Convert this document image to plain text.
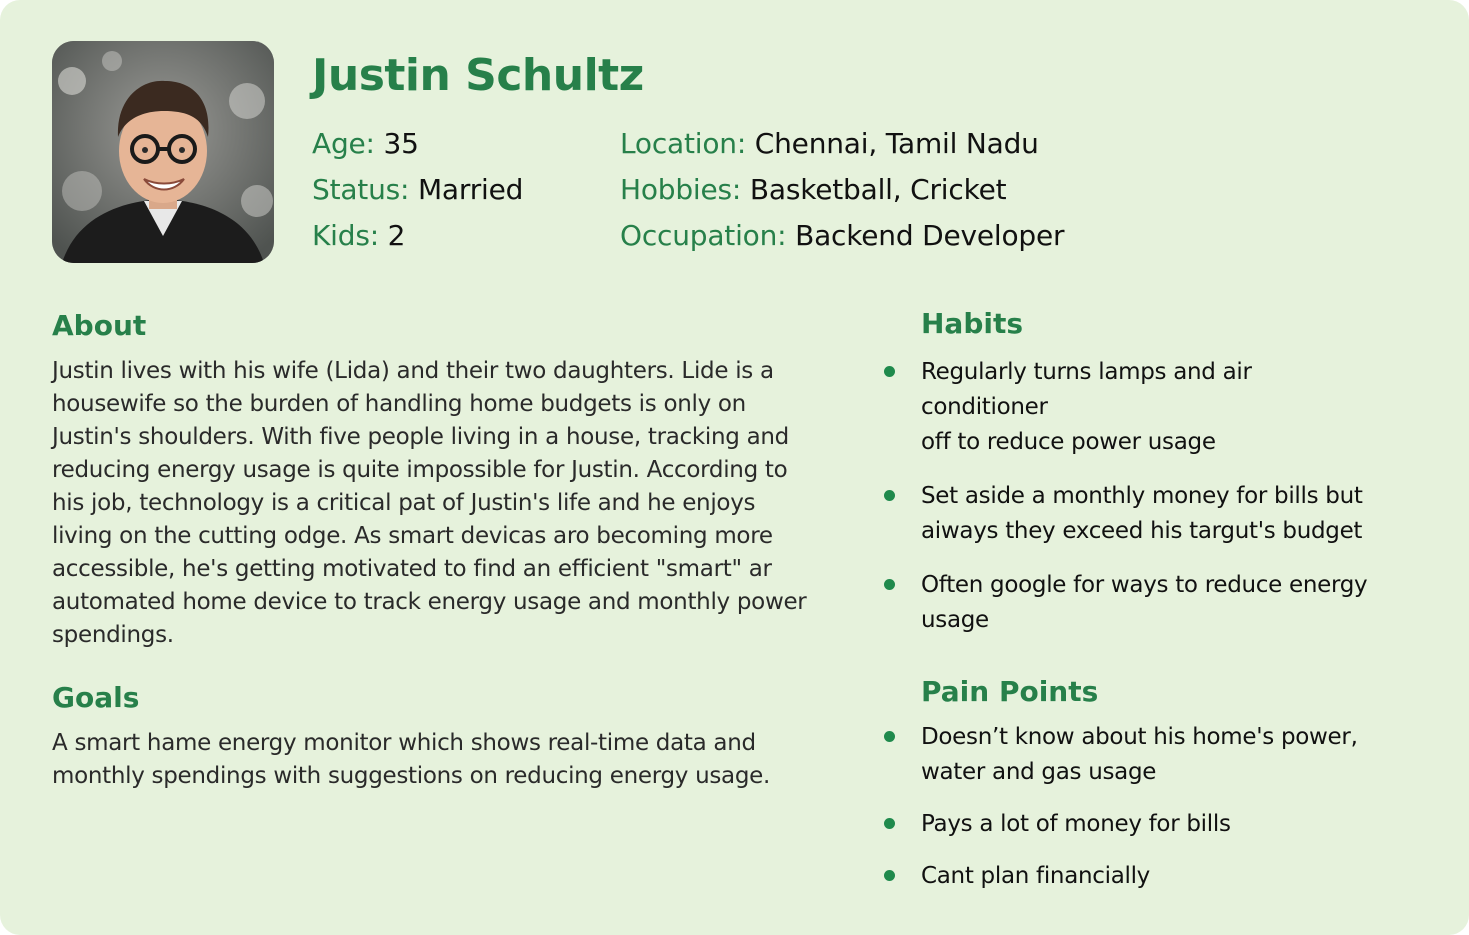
Justin Schultz
Age: 35
Status: Married
Kids: 2
Location: Chennai, Tamil Nadu
Hobbies: Basketball, Cricket
Occupation: Backend Developer
About

Justin lives with his wife (Lida) and their two daughters. Lide is a
housewife so the burden of handling home budgets is only on
Justin's shoulders. With five people living in a house, tracking and
reducing energy usage is quite impossible for Justin. According to
his job, technology is a critical pat of Justin's life and he enjoys
living on the cutting odge. As smart devicas aro becoming more
accessible, he's getting motivated to find an efficient "smart" ar
automated home device to track energy usage and monthly power
spendings.

Goals

A smart hame energy monitor which shows real-time data and
monthly spendings with suggestions on reducing energy usage.

Habits
Regularly turns lamps and air conditioner
off to reduce power usage
Set aside a monthly money for bills but
aiways they exceed his targut's budget
Often google for ways to reduce energy
usage
Pain Points
Doesn’t know about his home's power,
water and gas usage
Pays a lot of money for bills
Cant plan financially
